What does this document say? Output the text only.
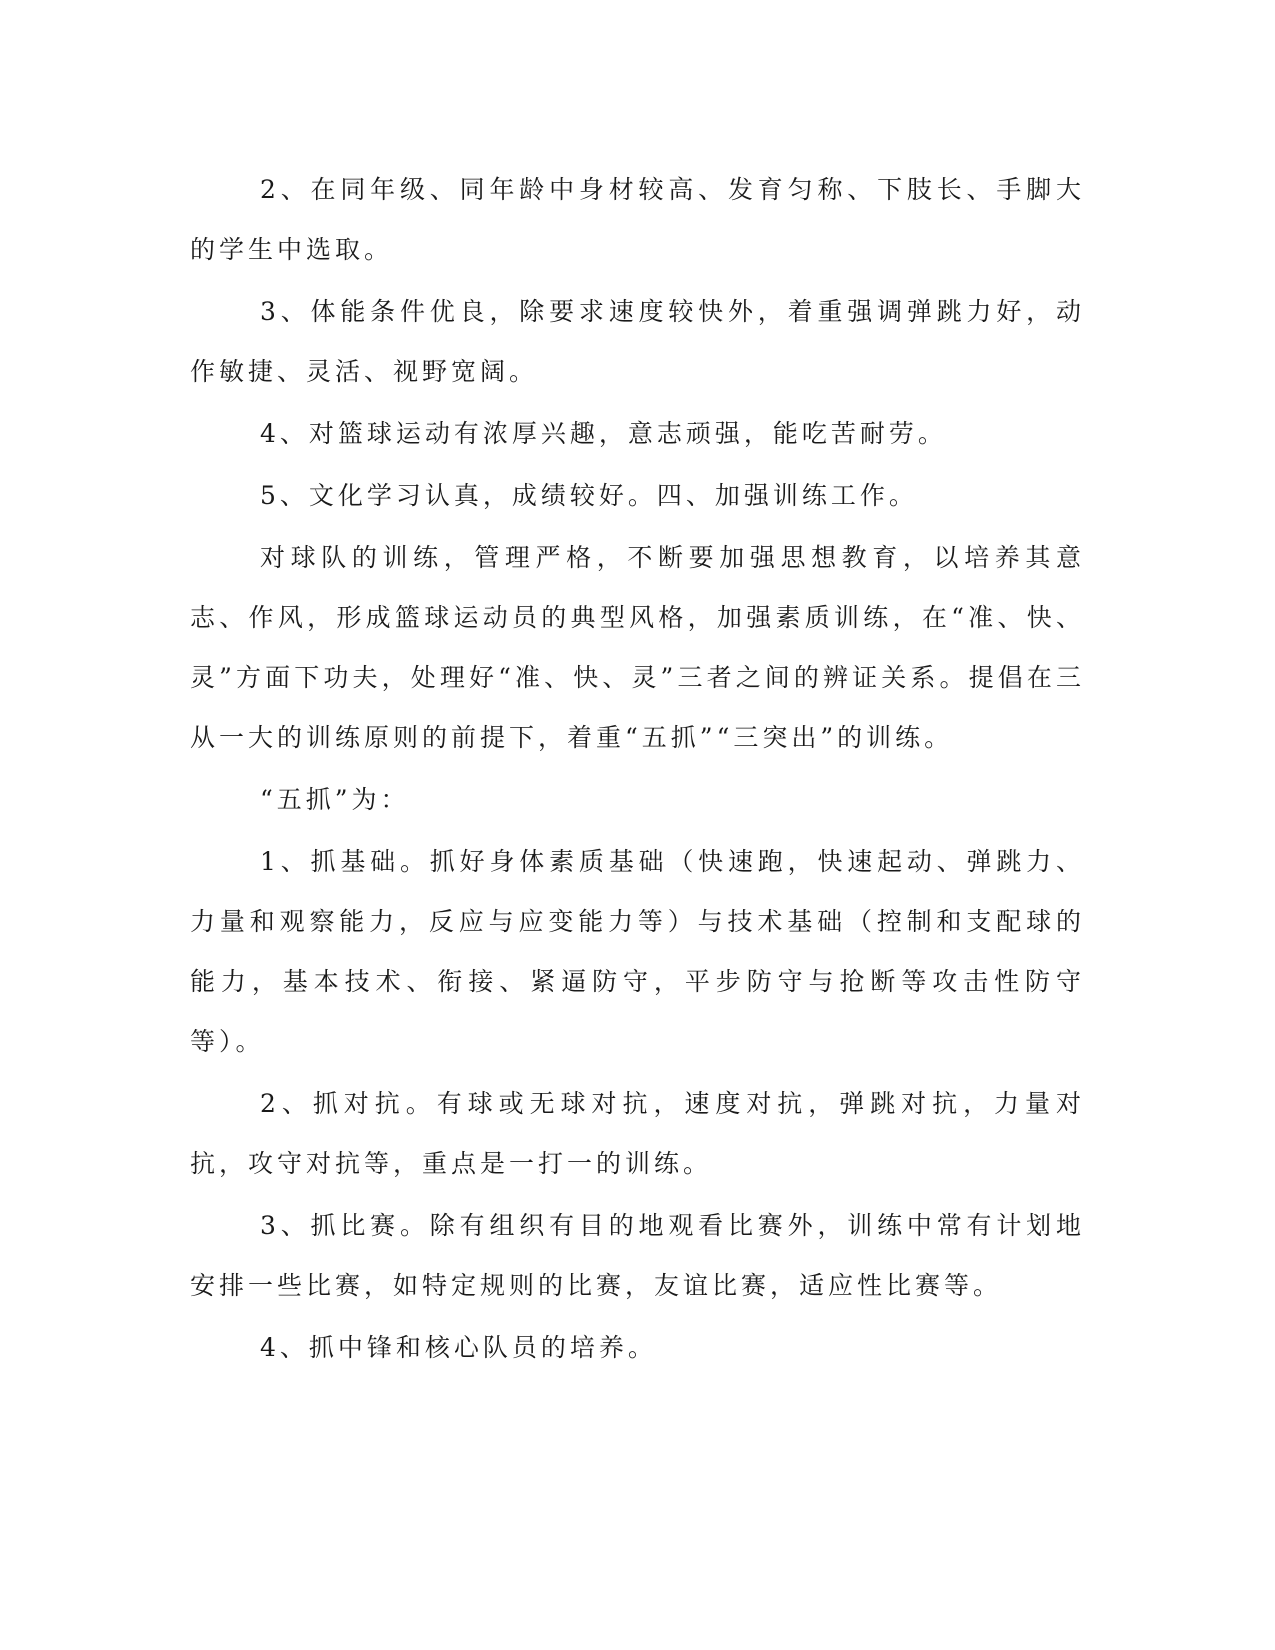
2、在同年级、同年龄中身材较高、发育匀称、下肢长、手脚大的学生中选取。

3、体能条件优良，除要求速度较快外，着重强调弹跳力好，动作敏捷、灵活、视野宽阔。

4、对篮球运动有浓厚兴趣，意志顽强，能吃苦耐劳。

5、文化学习认真，成绩较好。四、加强训练工作。

对球队的训练，管理严格，不断要加强思想教育，以培养其意志、作风，形成篮球运动员的典型风格，加强素质训练，在“准、快、灵”方面下功夫，处理好“准、快、灵”三者之间的辨证关系。提倡在三从一大的训练原则的前提下，着重“五抓”“三突出”的训练。

“五抓”为：

1、抓基础。抓好身体素质基础（快速跑，快速起动、弹跳力、力量和观察能力，反应与应变能力等）与技术基础（控制和支配球的能力，基本技术、衔接、紧逼防守，平步防守与抢断等攻击性防守等）。

2、抓对抗。有球或无球对抗，速度对抗，弹跳对抗，力量对抗，攻守对抗等，重点是一打一的训练。

3、抓比赛。除有组织有目的地观看比赛外，训练中常有计划地安排一些比赛，如特定规则的比赛，友谊比赛，适应性比赛等。

4、抓中锋和核心队员的培养。
